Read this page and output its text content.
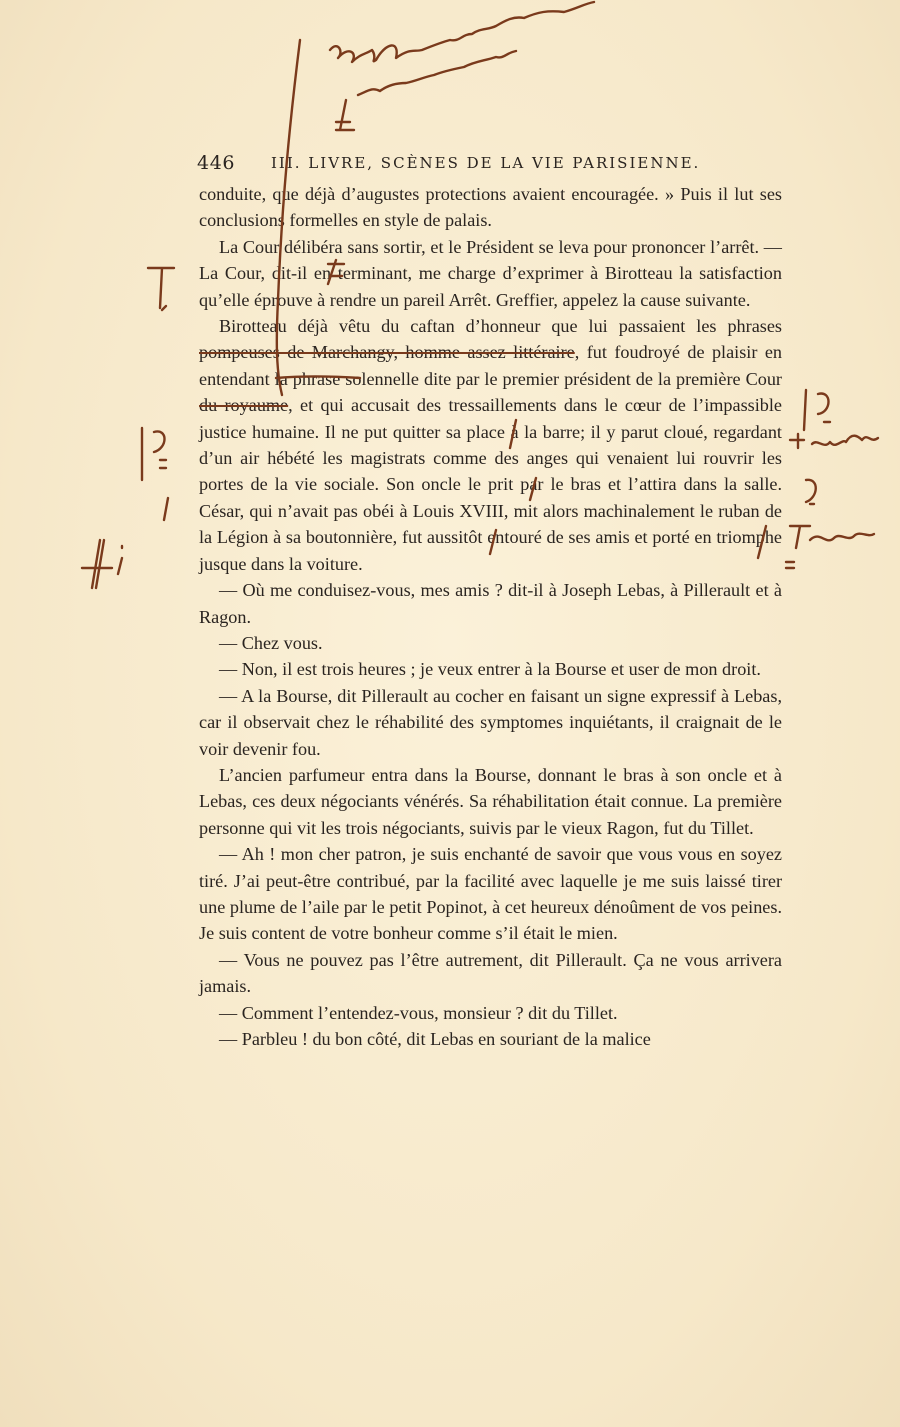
446 III. LIVRE, SCÈNES DE LA VIE PARISIENNE.

conduite, que déjà d’augustes protections avaient encouragée. » Puis il lut ses conclusions formelles en style de palais.

La Cour délibéra sans sortir, et le Président se leva pour prononcer l’arrêt. — La Cour, dit-il en terminant, me charge d’exprimer à Birotteau la satisfaction qu’elle éprouve à rendre un pareil Arrêt. Greffier, appelez la cause suivante.

Birotteau déjà vêtu du caftan d’honneur que lui passaient les phrases pompeuses de Marchangy, homme assez littéraire, fut foudroyé de plaisir en entendant la phrase solennelle dite par le premier président de la première Cour du royaume, et qui accusait des tressaillements dans le cœur de l’impassible justice humaine. Il ne put quitter sa place à la barre; il y parut cloué, regardant d’un air hébété les magistrats comme des anges qui venaient lui rouvrir les portes de la vie sociale. Son oncle le prit par le bras et l’attira dans la salle. César, qui n’avait pas obéi à Louis XVIII, mit alors machinalement le ruban de la Légion à sa boutonnière, fut aussitôt entouré de ses amis et porté en triomphe jusque dans la voiture.

— Où me conduisez-vous, mes amis ? dit-il à Joseph Lebas, à Pillerault et à Ragon.

— Chez vous.

— Non, il est trois heures ; je veux entrer à la Bourse et user de mon droit.

— A la Bourse, dit Pillerault au cocher en faisant un signe expressif à Lebas, car il observait chez le réhabilité des symptomes inquiétants, il craignait de le voir devenir fou.

L’ancien parfumeur entra dans la Bourse, donnant le bras à son oncle et à Lebas, ces deux négociants vénérés. Sa réhabilitation était connue. La première personne qui vit les trois négociants, suivis par le vieux Ragon, fut du Tillet.

— Ah ! mon cher patron, je suis enchanté de savoir que vous vous en soyez tiré. J’ai peut-être contribué, par la facilité avec laquelle je me suis laissé tirer une plume de l’aile par le petit Popinot, à cet heureux dénoûment de vos peines. Je suis content de votre bonheur comme s’il était le mien.

— Vous ne pouvez pas l’être autrement, dit Pillerault. Ça ne vous arrivera jamais.

— Comment l’entendez-vous, monsieur ? dit du Tillet.

— Parbleu ! du bon côté, dit Lebas en souriant de la malice
